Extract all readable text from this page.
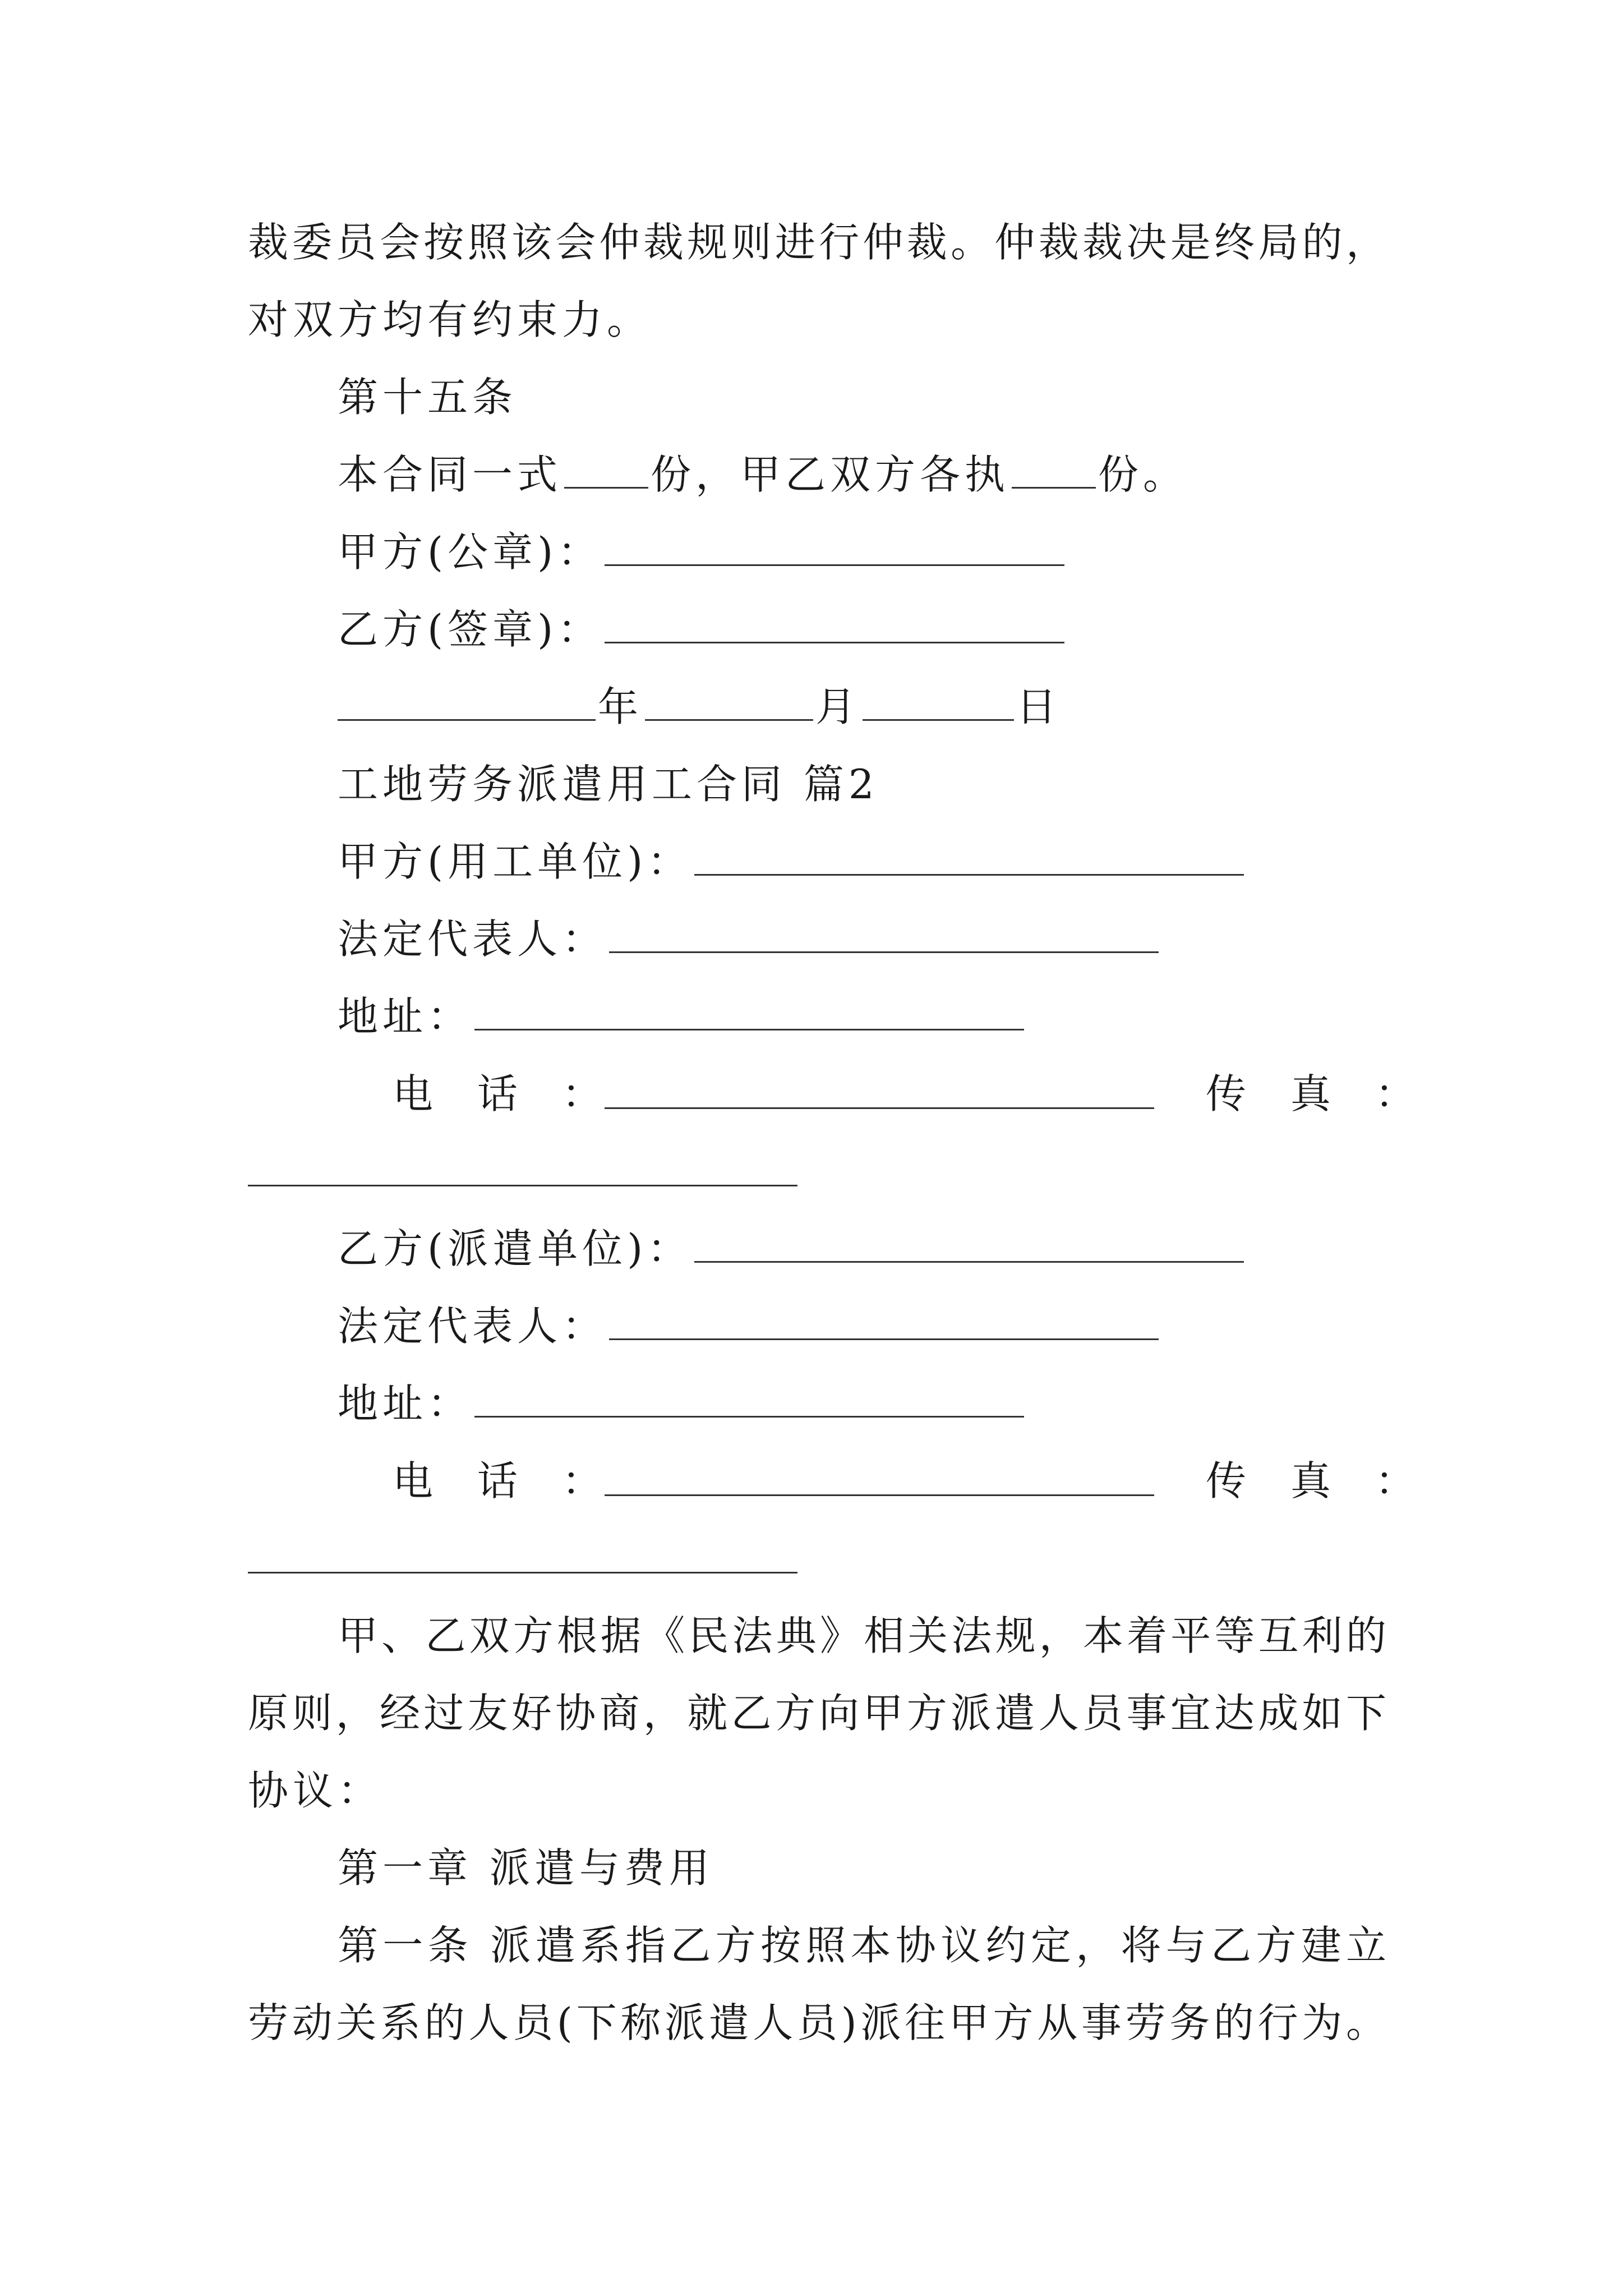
裁委员会按照该会仲裁规则进行仲裁。仲裁裁决是终局的，
对双方均有约束力。
第十五条
本合同一式 份，甲乙双方各执 份。
甲方(公章)：
乙方(签章)：
年	月	日
工地劳务派遣用工合同 篇2
甲方(用工单位)：
法定代表人：
地址：
电 话 ：	传 真 ：
乙方(派遣单位)：
法定代表人：
地址：
电 话 ：	传 真 ：
甲、乙双方根据《民法典》相关法规，本着平等互利的
原则，经过友好协商，就乙方向甲方派遣人员事宜达成如下
协议：
第一章 派遣与费用
第一条 派遣系指乙方按照本协议约定，将与乙方建立
劳动关系的人员(下称派遣人员)派往甲方从事劳务的行为。
